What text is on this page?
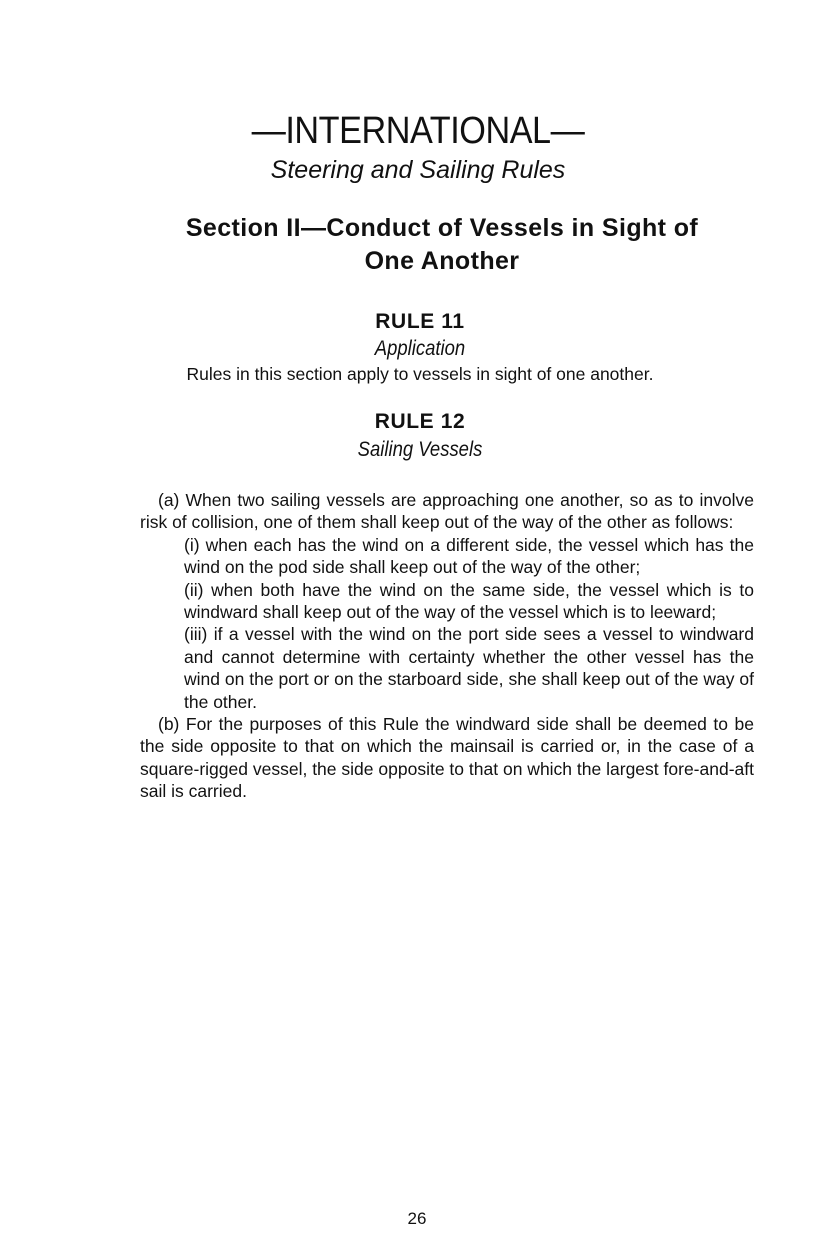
—INTERNATIONAL—
Steering and Sailing Rules
Section II—Conduct of Vessels in Sight of
One Another
RULE 11
Application
Rules in this section apply to vessels in sight of one another.
RULE 12
Sailing Vessels

(a) When two sailing vessels are approaching one another, so as to involve risk of collision, one of them shall keep out of the way of the other as follows:

(i) when each has the wind on a different side, the vessel which has the wind on the pod side shall keep out of the way of the other;

(ii) when both have the wind on the same side, the vessel which is to windward shall keep out of the way of the vessel which is to leeward;

(iii) if a vessel with the wind on the port side sees a vessel to windward and cannot determine with certainty whether the other vessel has the wind on the port or on the starboard side, she shall keep out of the way of the other.

(b) For the purposes of this Rule the windward side shall be deemed to be the side opposite to that on which the mainsail is carried or, in the case of a square-rigged vessel, the side opposite to that on which the largest fore-and-aft sail is carried.

26
